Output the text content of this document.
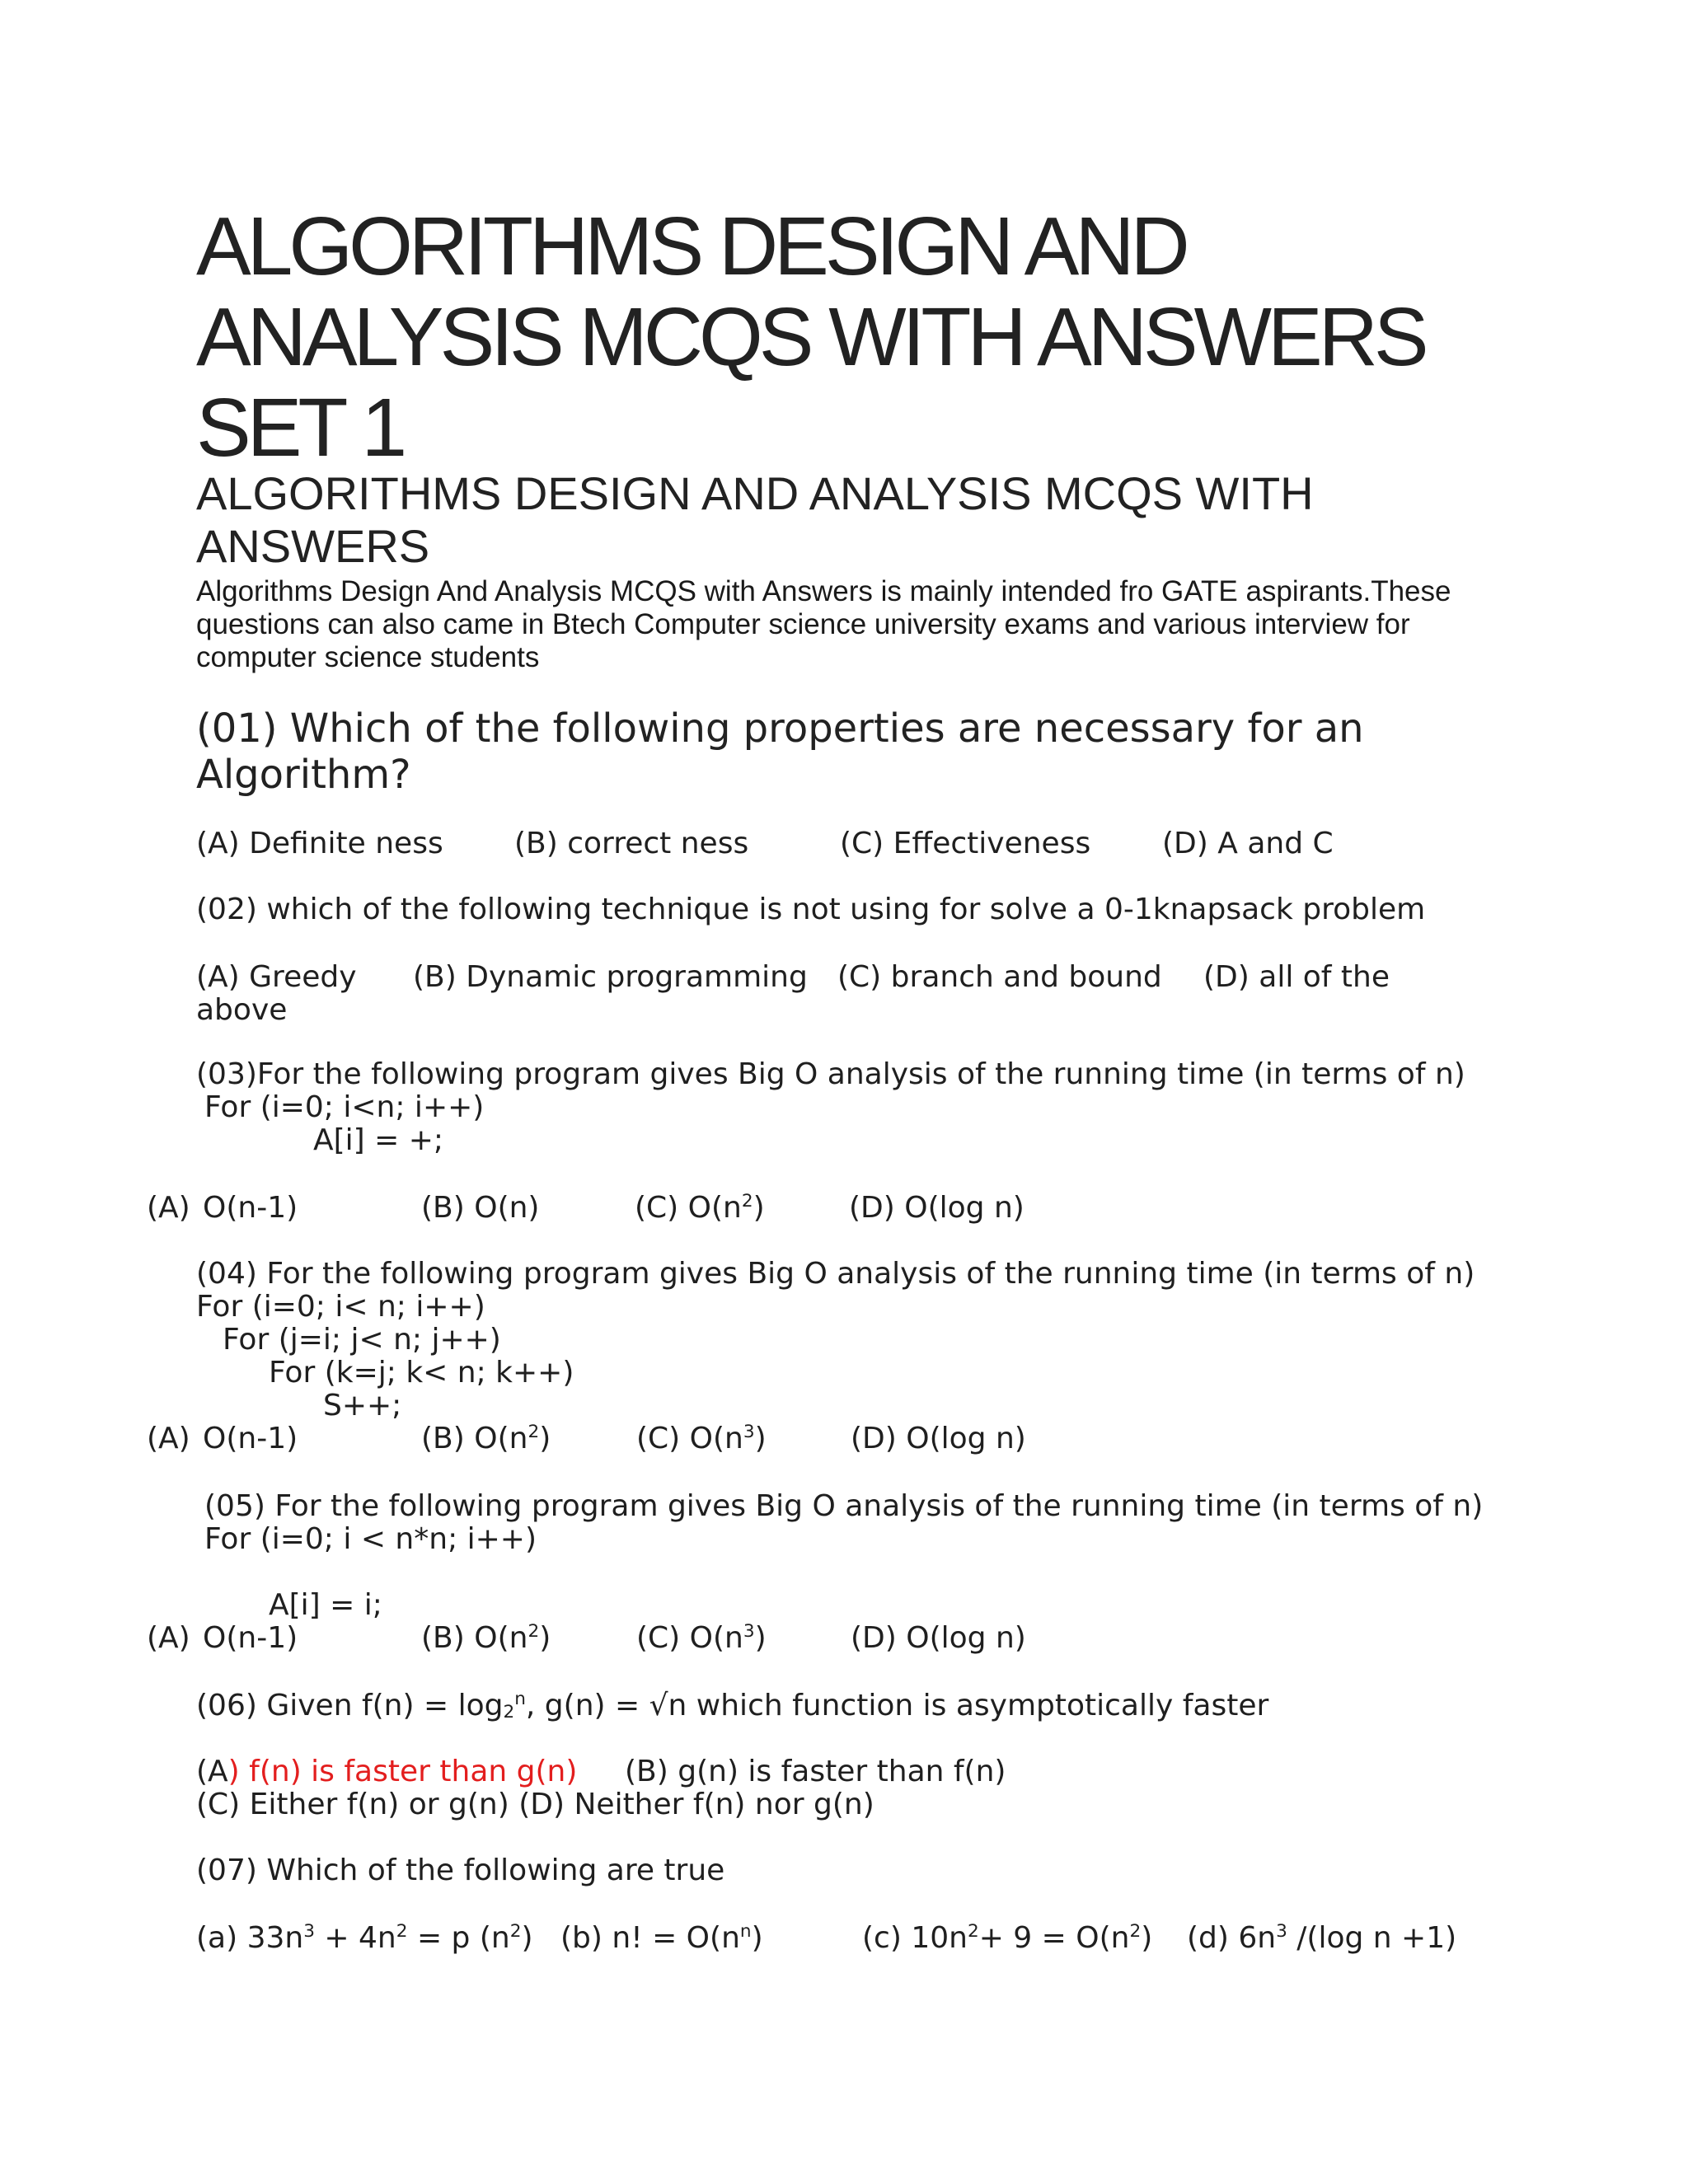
ALGORITHMS DESIGN AND
ANALYSIS MCQS WITH ANSWERS
SET 1
ALGORITHMS DESIGN AND ANALYSIS MCQS WITH
ANSWERS
Algorithms Design And Analysis MCQS with Answers is mainly intended fro GATE aspirants.These
questions can also came in Btech Computer science university exams and various interview for
computer science students
(01) Which of the following properties are necessary for an
Algorithm?
(A) Definite ness (B) correct ness	(C) Effectiveness (D) A and C
(02) which of the following technique is not using for solve a 0-1knapsack problem
(A) Greedy (B) Dynamic programming (C) branch and bound (D) all of the
above
(03)For the following program gives Big O analysis of the running time (in terms of n)
For (i=0; i<n; i++)
A[i] = +;
(A) O(n-1)	(B) O(n)	(C) $O(n^2)$	(D) O(log n)
(04) For the following program gives Big O analysis of the running time (in terms of n)
For (i=0; i< n; i++)
For (j=i; j< n; j++)
For (k=j; k< n; k++)
S++;
(A) O(n-1)	(B) $O(n^2)$	(C) $O(n^3)$	(D) O(log n)
(05) For the following program gives Big O analysis of the running time (in terms of n)
For (i=0; i < n*n; i++)
A[i] = i;
(A) O(n-1)	(B) $O(n^2)$	(C) $O(n^3)$	(D) O(log n)
(06) Given $f(n) = \log_2^n$, g(n) = √n which function is asymptotically faster
(A) f(n) is faster than g(n) (B) g(n) is faster than f(n)
(C) Either f(n) or g(n) (D) Neither f(n) nor g(n)
(07) Which of the following are true
(a) $33n^3 + 4n^2 = p$ $(n^2)$ (b) n! = $O(n^n)$	(c) $10n^2+ 9 = O(n^2)$ (d) $6n^3$ /(log n +1)
